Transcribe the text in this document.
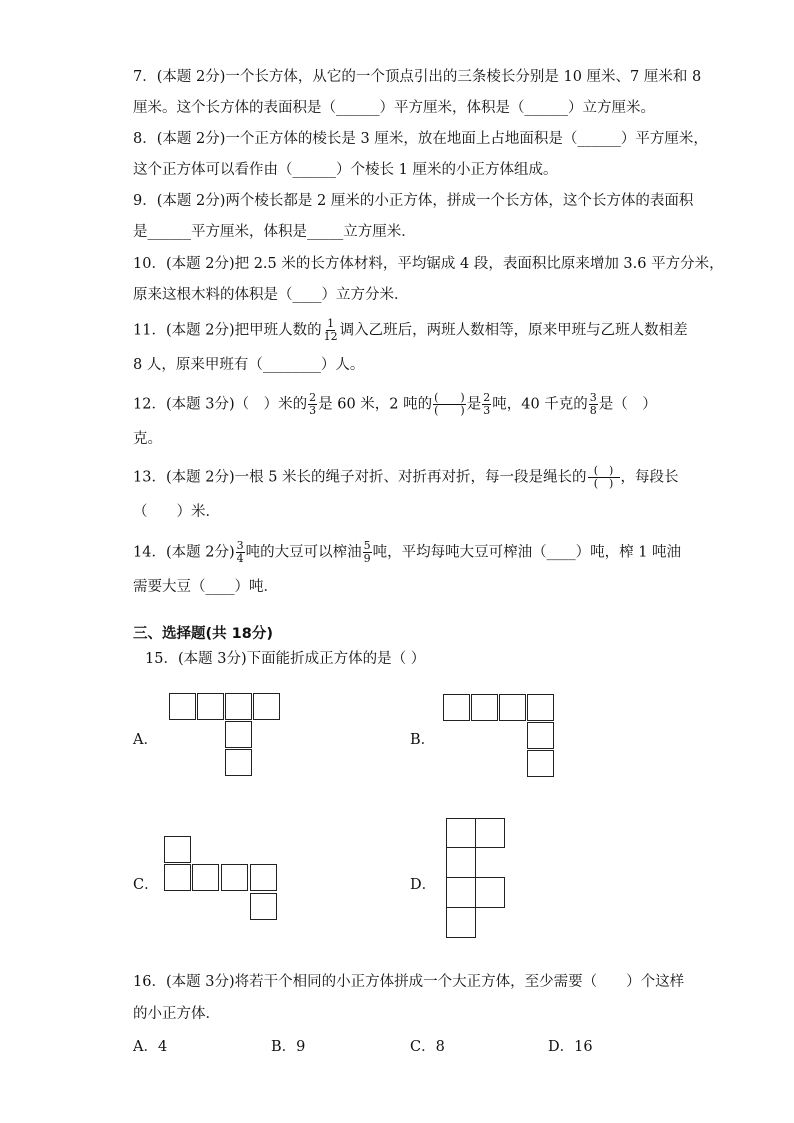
7．(本题 2分)一个长方体，从它的一个顶点引出的三条棱长分别是 10 厘米、7 厘米和 8
厘米。这个长方体的表面积是（______）平方厘米，体积是（______）立方厘米。
8．(本题 2分)一个正方体的棱长是 3 厘米，放在地面上占地面积是（______）平方厘米，
这个正方体可以看作由（______）个棱长 1 厘米的小正方体组成。
9．(本题 2分)两个棱长都是 2 厘米的小正方体，拼成一个长方体，这个长方体的表面积
是______平方厘米，体积是_____立方厘米．
10．(本题 2分)把 2.5 米的长方体材料，平均锯成 4 段，表面积比原来增加 3.6 平方分米，
原来这根木料的体积是（____）立方分米．
11．(本题 2分)把甲班人数的 $\frac{1}{12}$ 调入乙班后，两班人数相等，原来甲班与乙班人数相差
8 人，原来甲班有（________）人。
12．(本题 3分)（　）米的 $\frac{2}{3}$ 是 60 米，2 吨的 $\frac{( )}{( )}$ 是 $\frac{2}{3}$ 吨，40 千克的 $\frac{3}{8}$ 是（　）
克。
13．(本题 2分)一根 5 米长的绳子对折、对折再对折，每一段是绳长的 $\frac{( )}{( )}$ ，每段长
（　　）米．
14．(本题 2分) $\frac{3}{4}$ 吨的大豆可以榨油 $\frac{5}{9}$ 吨，平均每吨大豆可榨油（____）吨，榨 1 吨油
需要大豆（____）吨．
三、选择题(共 18分)
15．(本题 3分)下面能折成正方体的是（ ）
A．	B．
C．	D．
16．(本题 3分)将若干个相同的小正方体拼成一个大正方体，至少需要（　　）个这样
的小正方体．
A．4	B．9	C．8	D．16
